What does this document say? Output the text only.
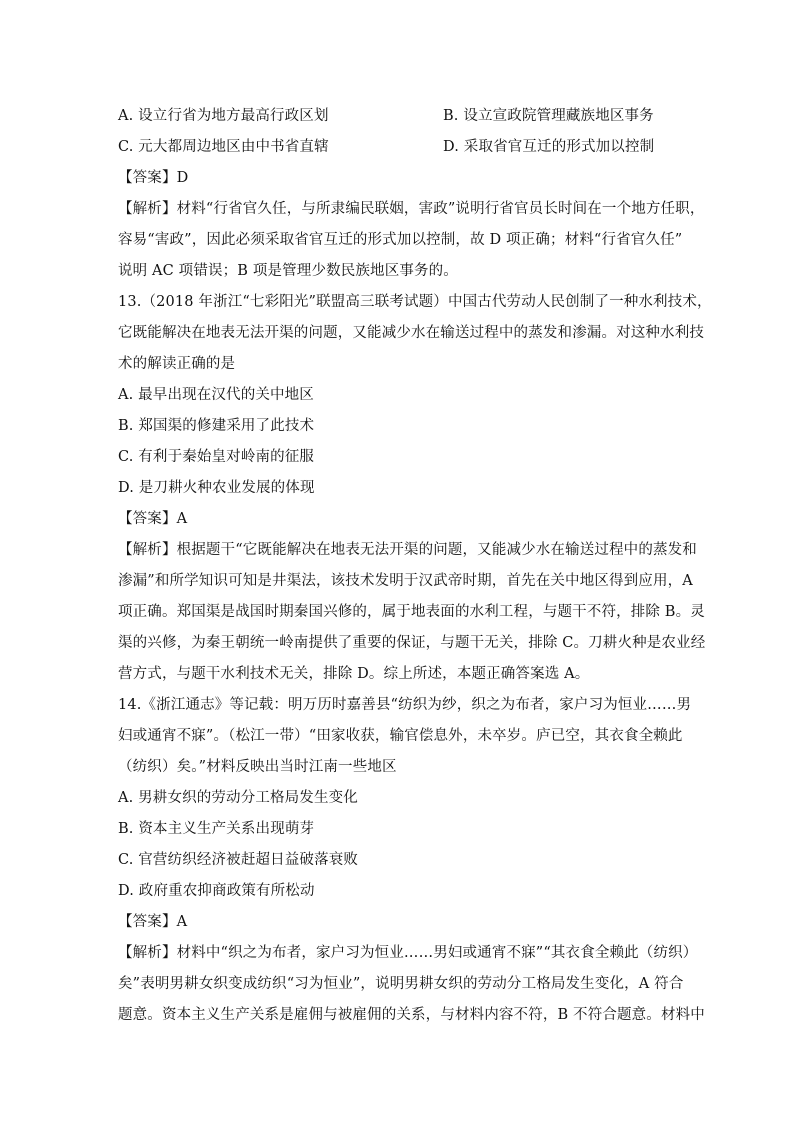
A. 设立行省为地方最高行政区划	B. 设立宣政院管理藏族地区事务
C. 元大都周边地区由中书省直辖	D. 采取省官互迁的形式加以控制
【答案】D
【解析】材料“行省官久任，与所隶编民联姻，害政”说明行省官员长时间在一个地方任职，
容易“害政”，因此必须采取省官互迁的形式加以控制，故 D 项正确；材料“行省官久任”
说明 AC 项错误；B 项是管理少数民族地区事务的。
13.（2018 年浙江“七彩阳光”联盟高三联考试题）中国古代劳动人民创制了一种水利技术，
它既能解决在地表无法开渠的问题，又能减少水在输送过程中的蒸发和渗漏。对这种水利技
术的解读正确的是
A. 最早出现在汉代的关中地区
B. 郑国渠的修建采用了此技术
C. 有利于秦始皇对岭南的征服
D. 是刀耕火种农业发展的体现
【答案】A
【解析】根据题干“它既能解决在地表无法开渠的问题，又能减少水在输送过程中的蒸发和
渗漏”和所学知识可知是井渠法，该技术发明于汉武帝时期，首先在关中地区得到应用，A
项正确。郑国渠是战国时期秦国兴修的，属于地表面的水利工程，与题干不符，排除 B。灵
渠的兴修，为秦王朝统一岭南提供了重要的保证，与题干无关，排除 C。刀耕火种是农业经
营方式，与题干水利技术无关，排除 D。综上所述，本题正确答案选 A。
14.《浙江通志》等记载：明万历时嘉善县“纺织为纱，织之为布者，家户习为恒业……男
妇或通宵不寐”。（松江一带）“田家收获，输官偿息外，未卒岁。庐已空，其衣食全赖此
（纺织）矣。”材料反映出当时江南一些地区
A. 男耕女织的劳动分工格局发生变化
B. 资本主义生产关系出现萌芽
C. 官营纺织经济被赶超日益破落衰败
D. 政府重农抑商政策有所松动
【答案】A
【解析】材料中“织之为布者，家户习为恒业……男妇或通宵不寐”“其衣食全赖此（纺织）
矣”表明男耕女织变成纺织“习为恒业”，说明男耕女织的劳动分工格局发生变化，A 符合
题意。资本主义生产关系是雇佣与被雇佣的关系，与材料内容不符，B 不符合题意。材料中
